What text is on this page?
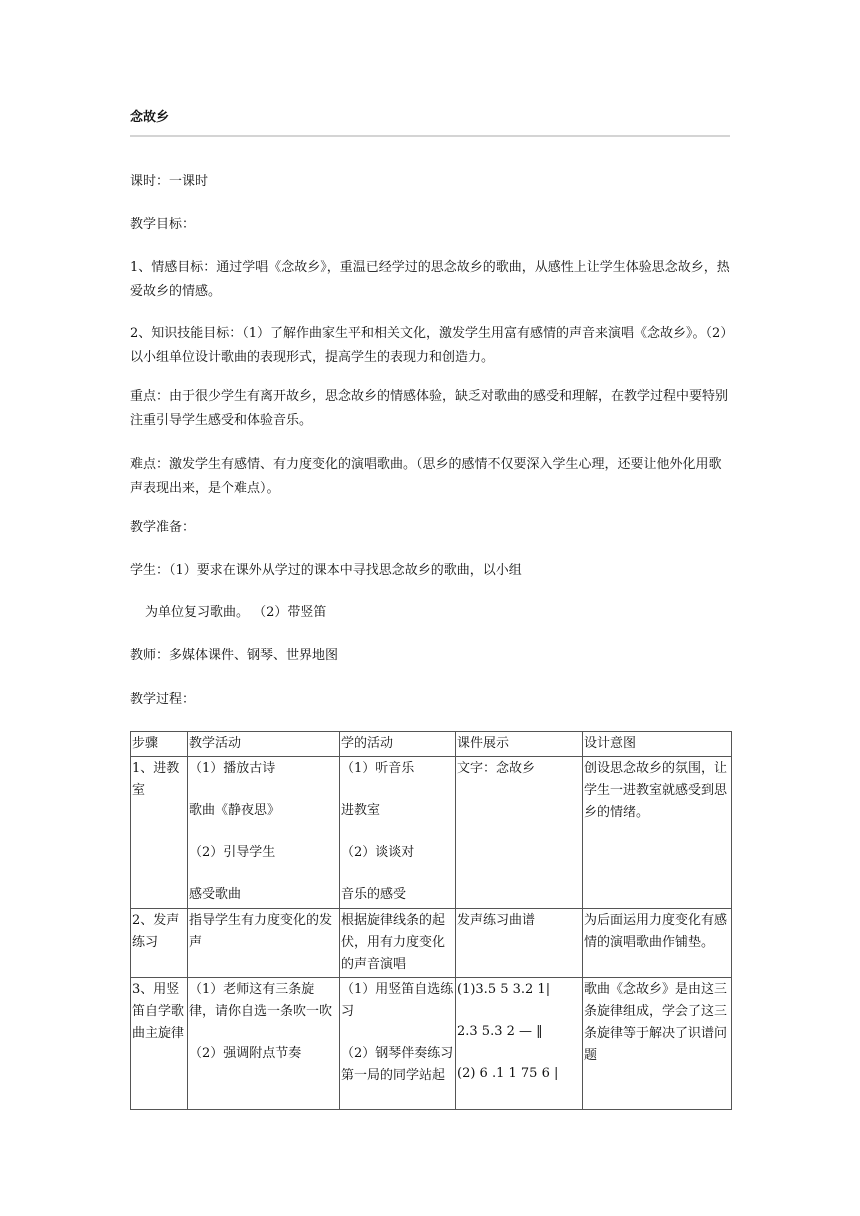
念故乡
课时：一课时
教学目标：
1、情感目标：通过学唱《念故乡》，重温已经学过的思念故乡的歌曲，从感性上让学生体验思念故乡，热
爱故乡的情感。
2、知识技能目标：（1）了解作曲家生平和相关文化，激发学生用富有感情的声音来演唱《念故乡》。（2）
以小组单位设计歌曲的表现形式，提高学生的表现力和创造力。
重点：由于很少学生有离开故乡，思念故乡的情感体验，缺乏对歌曲的感受和理解，在教学过程中要特别
注重引导学生感受和体验音乐。
难点：激发学生有感情、有力度变化的演唱歌曲。（思乡的感情不仅要深入学生心理，还要让他外化用歌
声表现出来，是个难点）。
教学准备：
学生：（1）要求在课外从学过的课本中寻找思念故乡的歌曲，以小组
为单位复习歌曲。 （2）带竖笛
教师：多媒体课件、钢琴、世界地图
教学过程：
步骤	教学活动	学的活动	课件展示	设计意图
1、进教室	（1）播放古诗
歌曲《静夜思》
（2）引导学生
感受歌曲	（1）听音乐
进教室
（2）谈谈对
音乐的感受	文字：念故乡	创设思念故乡的氛围，让学生一进教室就感受到思乡的情绪。
2、发声练习	指导学生有力度变化的发声	根据旋律线条的起伏，用有力度变化的声音演唱	发声练习曲谱	为后面运用力度变化有感情的演唱歌曲作铺垫。
3、用竖笛自学歌曲主旋律	（1）老师这有三条旋律，请你自选一条吹一吹
（2）强调附点节奏	（1）用竖笛自选练习
（2）钢琴伴奏练习第一局的同学站起	(1)3.5 5 3.2 1|
2.3 5.3 2 — ‖
(2) 6 .1 1 75 6 |	歌曲《念故乡》是由这三条旋律组成，学会了这三条旋律等于解决了识谱问题
